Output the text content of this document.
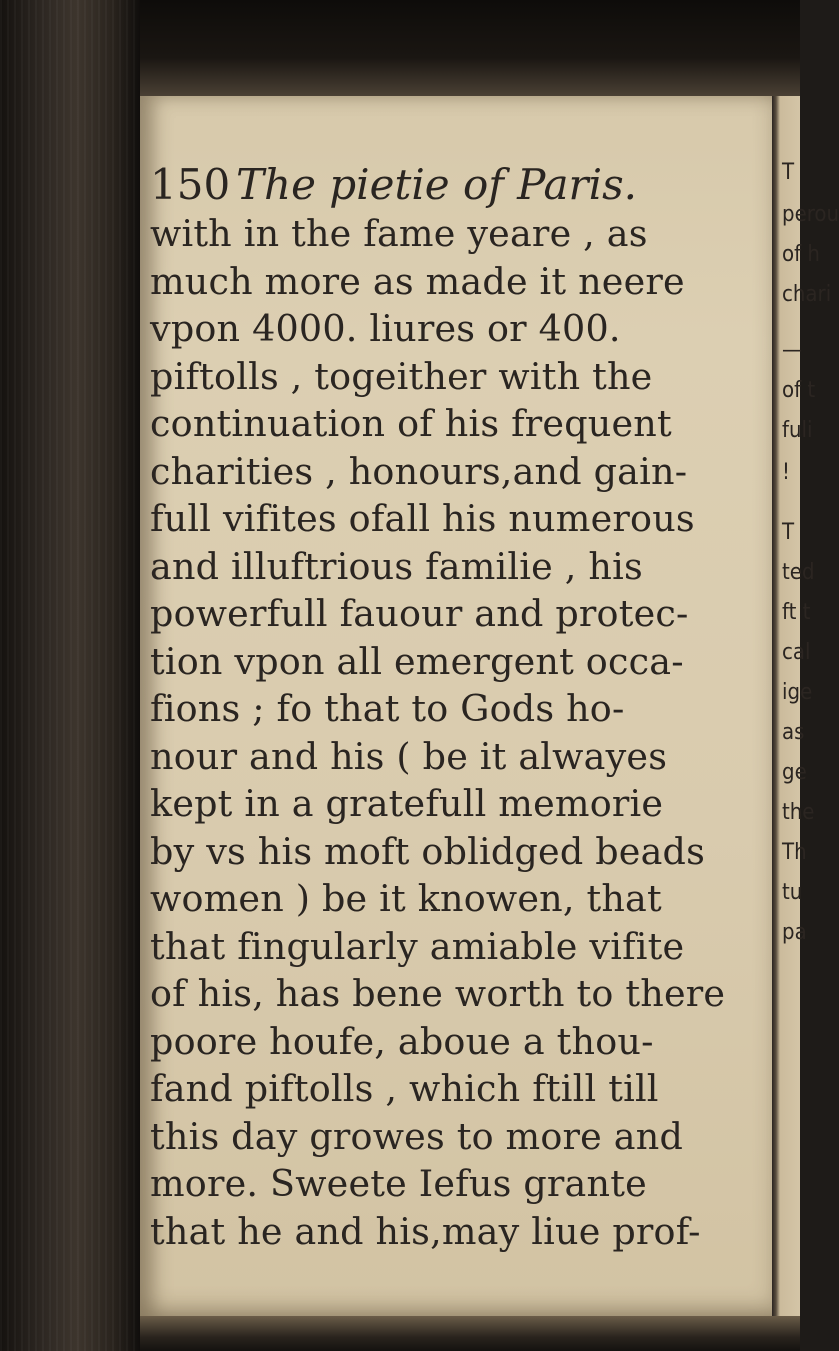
150 The pietie of Paris.
with in the fame yeare , as
much more as made it neere
vpon 4000. liures or 400.
piftolls , togeither with the
continuation of his frequent
charities , honours,and gain-
full vifites ofall his numerous
and illuftrious familie , his
powerfull fauour and protec-
tion vpon all emergent occa-
fions ; fo that to Gods ho-
nour and his ( be it alwayes
kept in a gratefull memorie
by vs his moft oblidged beads
women ) be it knowen, that
that fingularly amiable vifite
of his, has bene worth to there
poore houfe, aboue a thou-
fand piftolls , which ftill till
this day growes to more and
more. Sweete Iefus grante
that he and his,may liue prof-
T
perou
of h
chari
—
of t
fuli
!
T
ted
ft t
cal
ige
as
ge
the
Th
tu
pa
